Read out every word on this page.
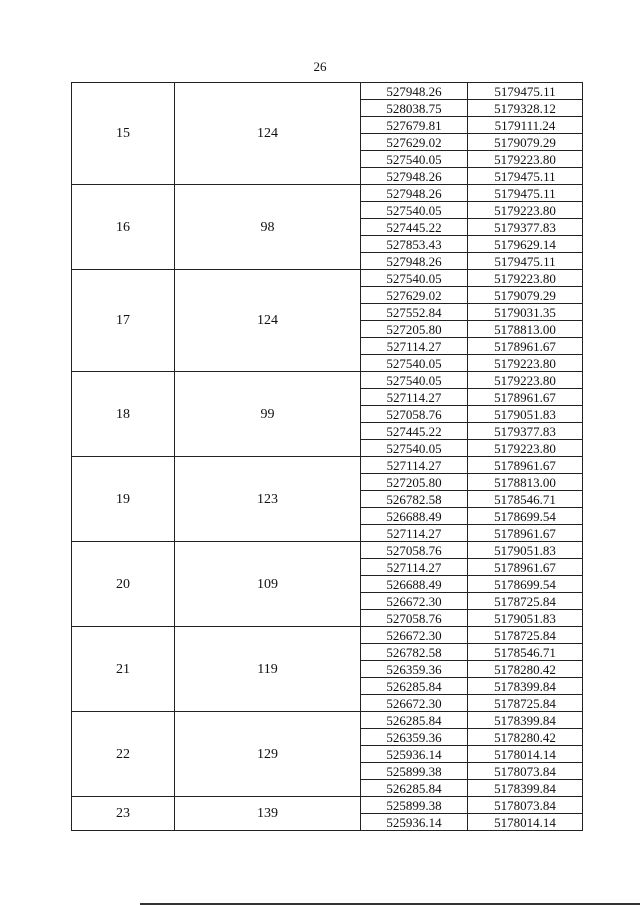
26
15	124	527948.26	5179475.11
		528038.75	5179328.12
		527679.81	5179111.24
		527629.02	5179079.29
		527540.05	5179223.80
		527948.26	5179475.11
16	98	527948.26	5179475.11
		527540.05	5179223.80
		527445.22	5179377.83
		527853.43	5179629.14
		527948.26	5179475.11
17	124	527540.05	5179223.80
		527629.02	5179079.29
		527552.84	5179031.35
		527205.80	5178813.00
		527114.27	5178961.67
		527540.05	5179223.80
18	99	527540.05	5179223.80
		527114.27	5178961.67
		527058.76	5179051.83
		527445.22	5179377.83
		527540.05	5179223.80
19	123	527114.27	5178961.67
		527205.80	5178813.00
		526782.58	5178546.71
		526688.49	5178699.54
		527114.27	5178961.67
20	109	527058.76	5179051.83
		527114.27	5178961.67
		526688.49	5178699.54
		526672.30	5178725.84
		527058.76	5179051.83
21	119	526672.30	5178725.84
		526782.58	5178546.71
		526359.36	5178280.42
		526285.84	5178399.84
		526672.30	5178725.84
22	129	526285.84	5178399.84
		526359.36	5178280.42
		525936.14	5178014.14
		525899.38	5178073.84
		526285.84	5178399.84
23	139	525899.38	5178073.84
		525936.14	5178014.14
